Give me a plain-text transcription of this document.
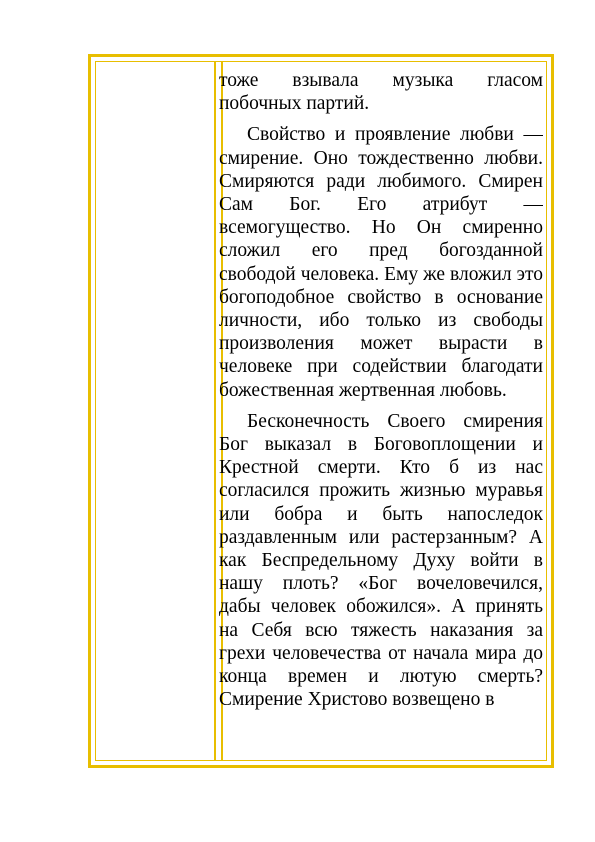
тоже взывала музыка гласом побочных партий.

Свойство и проявление любви — смирение. Оно тождественно любви. Смиряются ради любимого. Смирен Сам Бог. Его атрибут — всемогущество. Но Он смиренно сложил его пред богозданной свободой человека. Ему же вложил это богоподобное свойство в основание личности, ибо только из свободы произволения может вырасти в человеке при содействии благодати божественная жертвенная любовь.

Бесконечность Своего смирения Бог выказал в Боговоплощении и Крестной смерти. Кто б из нас согласился прожить жизнью муравья или бобра и быть напоследок раздавленным или растерзанным? А как Беспредельному Духу войти в нашу плоть? «Бог вочеловечился, дабы человек обожился». А принять на Себя всю тяжесть наказания за грехи человечества от начала мира до конца времен и лютую смерть? Смирение Христово возвещено в
